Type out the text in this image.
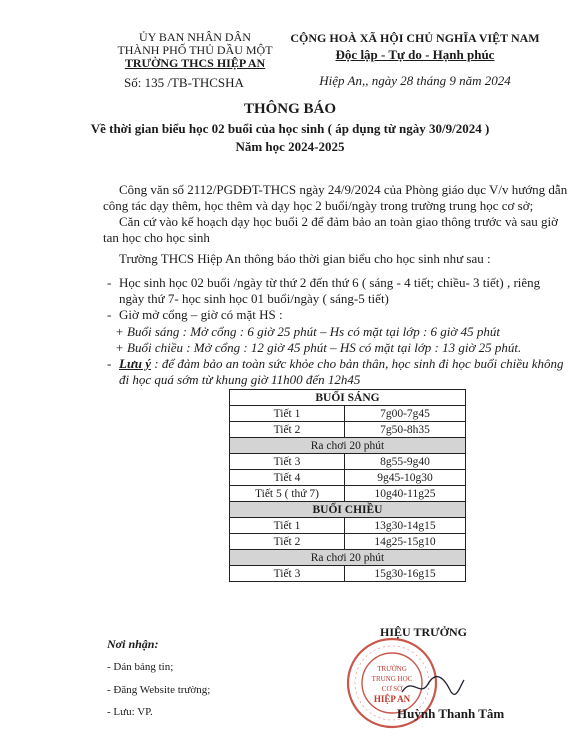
ỦY BAN NHÂN DÂN
THÀNH PHỐ THỦ DẦU MỘT
TRƯỜNG THCS HIỆP AN
Số: 135 /TB-THCSHA
CỘNG HOÀ XÃ HỘI CHỦ NGHĨA VIỆT NAM
Độc lập - Tự do - Hạnh phúc
Hiệp An,, ngày 28 tháng 9 năm 2024
THÔNG BÁO
Về thời gian biểu học 02 buổi của học sinh ( áp dụng từ ngày 30/9/2024 )
Năm học 2024-2025
Công văn số 2112/PGDĐT-THCS ngày 24/9/2024 của Phòng giáo dục V/v hướng dẫn
công tác dạy thêm, học thêm và dạy học 2 buổi/ngày trong trường trung học cơ sở;
Căn cứ vào kế hoạch dạy học buổi 2 để đảm bảo an toàn giao thông trước và sau giờ
tan học cho học sinh
Trường THCS Hiệp An thông báo thời gian biểu cho học sinh như sau :
- Học sinh học 02 buổi /ngày từ thứ 2 đến thứ 6 ( sáng - 4 tiết; chiều- 3 tiết) , riêng
ngày thứ 7- học sinh học 01 buổi/ngày ( sáng-5 tiết)
- Giờ mở cổng – giờ có mặt HS :
+ Buổi sáng : Mở cổng : 6 giờ 25 phút – Hs có mặt tại lớp : 6 giờ 45 phút
+ Buổi chiều : Mở cổng : 12 giờ 45 phút – HS có mặt tại lớp : 13 giờ 25 phút.
- Lưu ý : để đảm bảo an toàn sức khỏe cho bản thân, học sinh đi học buổi chiều không
đi học quá sớm từ khung giờ 11h00 đến 12h45
BUỔI SÁNG	
Tiết 1	7g00-7g45
Tiết 2	7g50-8h35
Ra chơi 20 phút	
Tiết 3	8g55-9g40
Tiết 4	9g45-10g30
Tiết 5 ( thứ 7)	10g40-11g25
BUỔI CHIỀU	
Tiết 1	13g30-14g15
Tiết 2	14g25-15g10
Ra chơi 20 phút	
Tiết 3	15g30-16g15
Nơi nhận:
- Dán bảng tin;
- Đăng Website trường;
- Lưu: VP.
TRƯỜNG
TRUNG HỌC
CƠ SỞ
HIỆP AN
HIỆU TRƯỞNG
Huỳnh Thanh Tâm
